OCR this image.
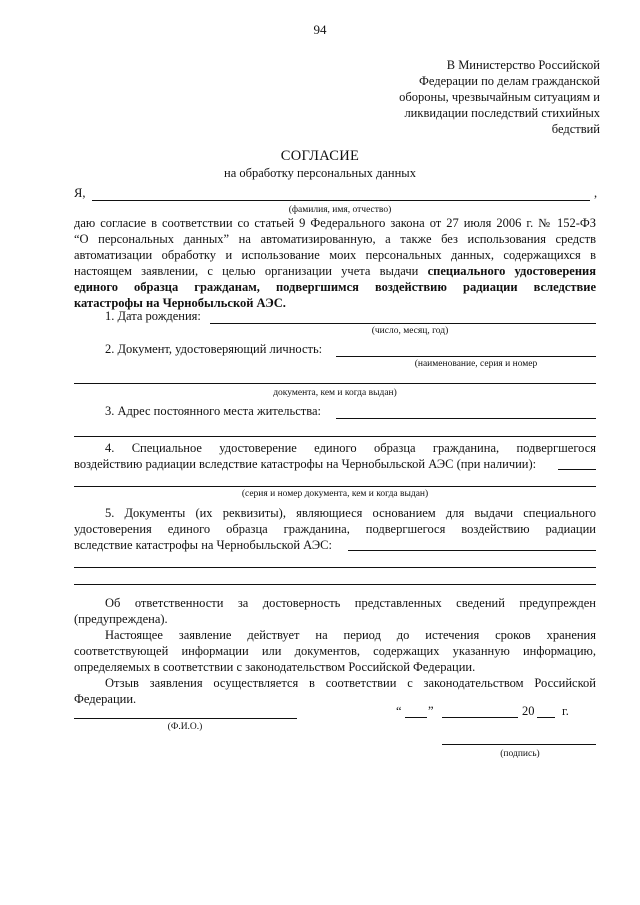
94
В Министерство Российской
Федерации по делам гражданской
обороны, чрезвычайным ситуациям и
ликвидации последствий стихийных
бедствий
СОГЛАСИЕ
на обработку персональных данных
Я,	,
(фамилия, имя, отчество)
даю согласие в соответствии со статьей 9 Федерального закона от 27 июля 2006 г. № 152-ФЗ
“О персональных данных” на автоматизированную, а также без использования средств
автоматизации обработку и использование моих персональных данных, содержащихся в
настоящем заявлении, с целью организации учета выдачи специального удостоверения
единого образца гражданам, подвергшимся воздействию радиации вследствие
катастрофы на Чернобыльской АЭС.
1. Дата рождения:
(число, месяц, год)
2. Документ, удостоверяющий личность:
(наименование, серия и номер
документа, кем и когда выдан)
3. Адрес постоянного места жительства:
4. Специальное удостоверение единого образца гражданина, подвергшегося
воздействию радиации вследствие катастрофы на Чернобыльской АЭС (при наличии):
(серия и номер документа, кем и когда выдан)
5. Документы (их реквизиты), являющиеся основанием для выдачи специального
удостоверения единого образца гражданина, подвергшегося воздействию радиации
вследствие катастрофы на Чернобыльской АЭС:
Об ответственности за достоверность представленных сведений предупрежден
(предупреждена).
Настоящее заявление действует на период до истечения сроков хранения
соответствующей информации или документов, содержащих указанную информацию,
определяемых в соответствии с законодательством Российской Федерации.
Отзыв заявления осуществляется в соответствии с законодательством Российской
Федерации.
(Ф.И.О.)
“ ”	20 г.
(подпись)
